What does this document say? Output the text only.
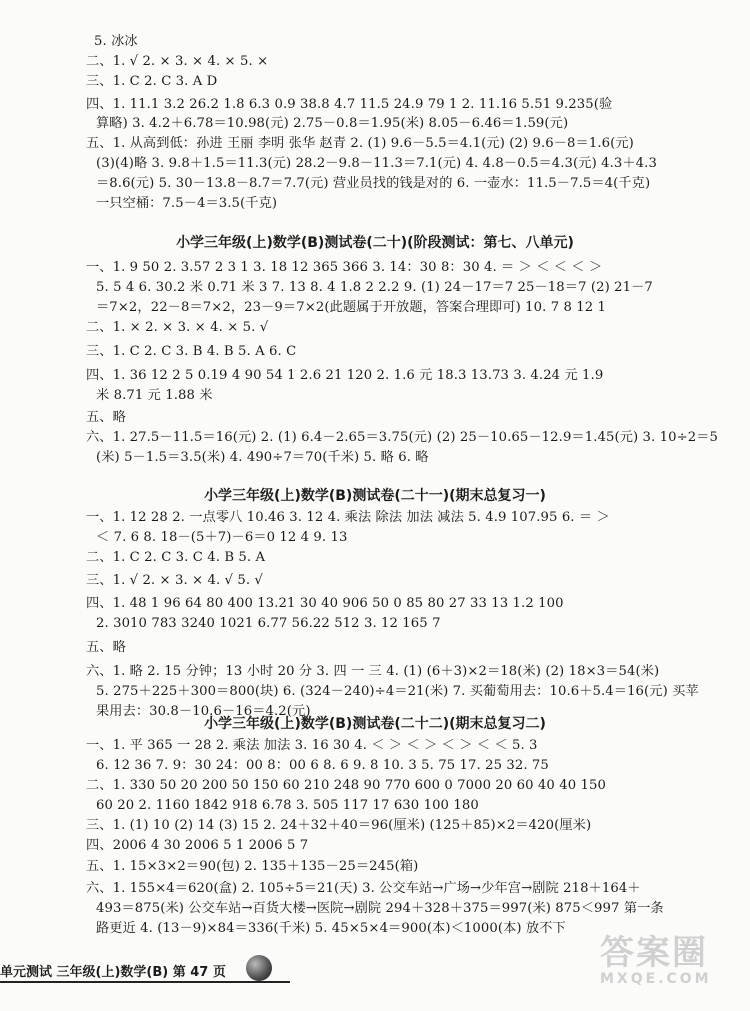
5. 冰冰
二、1. √ 2. × 3. × 4. × 5. ×
三、1. C 2. C 3. A D
四、1. 11.1 3.2 26.2 1.8 6.3 0.9 38.8 4.7 11.5 24.9 79 1 2. 11.16 5.51 9.235(验
算略) 3. 4.2＋6.78＝10.98(元) 2.75－0.8＝1.95(米) 8.05－6.46＝1.59(元)
五、1. 从高到低：孙进 王丽 李明 张华 赵青 2. (1) 9.6－5.5＝4.1(元) (2) 9.6－8＝1.6(元)
(3)(4)略 3. 9.8＋1.5＝11.3(元) 28.2－9.8－11.3＝7.1(元) 4. 4.8－0.5＝4.3(元) 4.3＋4.3
＝8.6(元) 5. 30－13.8－8.7＝7.7(元) 营业员找的钱是对的 6. 一壶水：11.5－7.5＝4(千克)
一只空桶：7.5－4＝3.5(千克)
小学三年级(上)数学(B)测试卷(二十)(阶段测试：第七、八单元)
一、1. 9 50 2. 3.57 2 3 1 3. 18 12 365 366 3. 14：30 8：30 4. ＝ ＞ ＜ ＜ ＜ ＞
5. 5 4 6. 30.2 米 0.71 米 3 7. 13 8. 4 1.8 2 2.2 9. (1) 24－17＝7 25－18＝7 (2) 21－7
＝7×2，22－8＝7×2，23－9＝7×2(此题属于开放题，答案合理即可) 10. 7 8 12 1
二、1. × 2. × 3. × 4. × 5. √
三、1. C 2. C 3. B 4. B 5. A 6. C
四、1. 36 12 2 5 0.19 4 90 54 1 2.6 21 120 2. 1.6 元 18.3 13.73 3. 4.24 元 1.9
米 8.71 元 1.88 米
五、略
六、1. 27.5－11.5＝16(元) 2. (1) 6.4－2.65＝3.75(元) (2) 25－10.65－12.9＝1.45(元) 3. 10÷2＝5
(米) 5－1.5＝3.5(米) 4. 490÷7＝70(千米) 5. 略 6. 略
小学三年级(上)数学(B)测试卷(二十一)(期末总复习一)
一、1. 12 28 2. 一点零八 10.46 3. 12 4. 乘法 除法 加法 减法 5. 4.9 107.95 6. ＝ ＞
＜ 7. 6 8. 18－(5＋7)－6＝0 12 4 9. 13
二、1. C 2. C 3. C 4. B 5. A
三、1. √ 2. × 3. × 4. √ 5. √
四、1. 48 1 96 64 80 400 13.21 30 40 906 50 0 85 80 27 33 13 1.2 100
2. 3010 783 3240 1021 6.77 56.22 512 3. 12 165 7
五、略
六、1. 略 2. 15 分钟；13 小时 20 分 3. 四 一 三 4. (1) (6＋3)×2＝18(米) (2) 18×3＝54(米)
5. 275＋225＋300＝800(块) 6. (324－240)÷4＝21(米) 7. 买葡萄用去：10.6＋5.4＝16(元) 买苹
果用去：30.8－10.6－16＝4.2(元)
小学三年级(上)数学(B)测试卷(二十二)(期末总复习二)
一、1. 平 365 一 28 2. 乘法 加法 3. 16 30 4. ＜ ＞ ＜ ＞ ＜ ＞ ＜ ＜ 5. 3
6. 12 36 7. 9：30 24：00 8：00 6 8. 6 9. 8 10. 3 5. 75 17. 25 32. 75
二、1. 330 50 20 200 50 150 60 210 248 90 770 600 0 7000 20 60 40 40 150
60 20 2. 1160 1842 918 6.78 3. 505 117 17 630 100 180
三、1. (1) 10 (2) 14 (3) 15 2. 24＋32＋40＝96(厘米) (125＋85)×2＝420(厘米)
四、2006 4 30 2006 5 1 2006 5 7
五、1. 15×3×2＝90(包) 2. 135＋135－25＝245(箱)
六、1. 155×4＝620(盒) 2. 105÷5＝21(天) 3. 公交车站→广场→少年宫→剧院 218＋164＋
493＝875(米) 公交车站→百货大楼→医院→剧院 294＋328＋375＝997(米) 875＜997 第一条
路更近 4. (13－9)×84＝336(千米) 5. 45×5×4＝900(本)＜1000(本) 放不下
单元测试 三年级(上)数学(B) 第 47 页	答案圈
MXQE.COM
